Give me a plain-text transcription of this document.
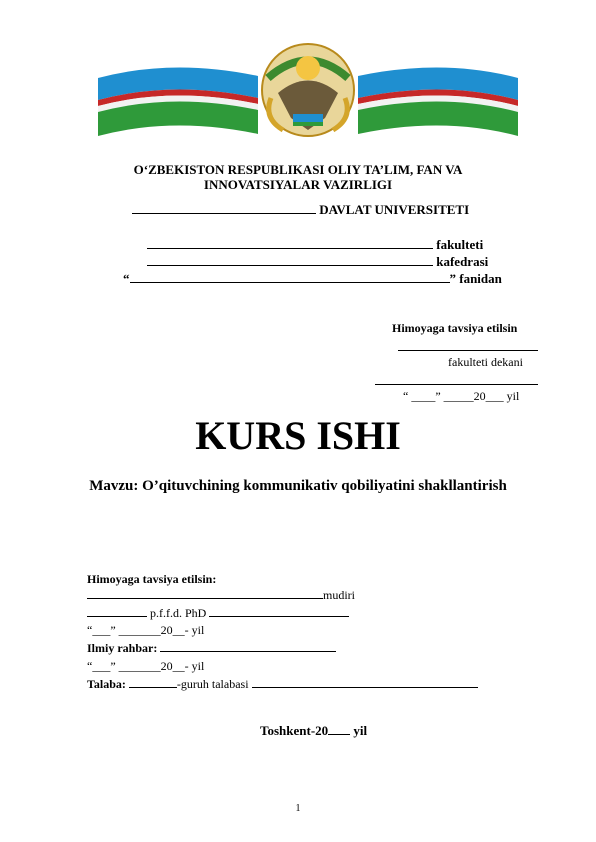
O‘ZBEKISTON RESPUBLIKASI OLIY TA’LIM, FAN VA
INNOVATSIYALAR VAZIRLIGI
DAVLAT UNIVERSITETI
fakulteti
kafedrasi
“	” fanidan
Himoyaga tavsiya etilsin
fakulteti dekani
“ ____” _____20___ yil
KURS ISHI
Mavzu: O’qituvchining kommunikativ qobiliyatini shakllantirish
Himoyaga tavsiya etilsin:
mudiri
p.f.f.d. PhD
“___” _______20__- yil
Ilmiy rahbar:
“___” _______20__- yil
Talaba:	-guruh talabasi
Toshkent-20 yil
1
